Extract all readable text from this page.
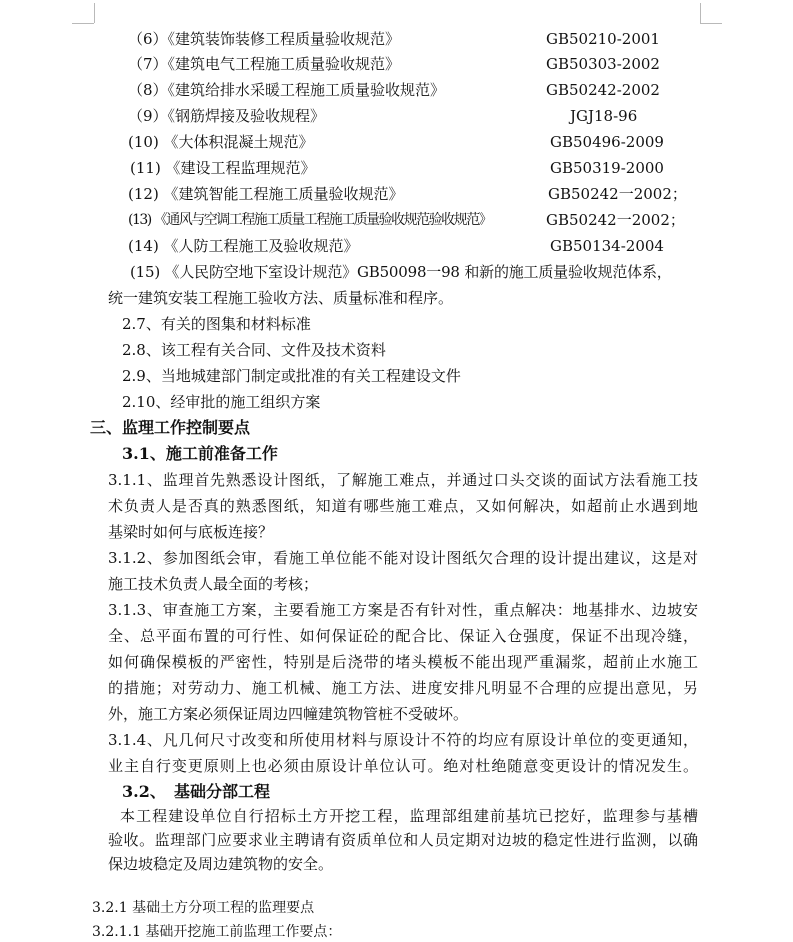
（6）《建筑装饰装修工程质量验收规范》	GB50210-2001
（7）《建筑电气工程施工质量验收规范》	GB50303-2002
（8）《建筑给排水采暖工程施工质量验收规范》	GB50242-2002
（9）《钢筋焊接及验收规程》	JGJ18-96
(10) 《大体积混凝土规范》	GB50496-2009
(11) 《建设工程监理规范》	GB50319-2000
(12) 《建筑智能工程施工质量验收规范》	GB50242一2002；
(13) 《通风与空调工程施工质量工程施工质量验收规范验收规范》	GB50242一2002；
(14) 《人防工程施工及验收规范》	GB50134-2004
(15) 《人民防空地下室设计规范》GB50098一98 和新的施工质量验收规范体系，
统一建筑安装工程施工验收方法、质量标准和程序。
2.7、有关的图集和材料标准
2.8、该工程有关合同、文件及技术资料
2.9、当地城建部门制定或批准的有关工程建设文件
2.10、经审批的施工组织方案
三、监理工作控制要点
3.1、施工前准备工作
3.1.1、监理首先熟悉设计图纸，了解施工难点，并通过口头交谈的面试方法看施工技
术负责人是否真的熟悉图纸，知道有哪些施工难点，又如何解决，如超前止水遇到地
基梁时如何与底板连接？
3.1.2、参加图纸会审，看施工单位能不能对设计图纸欠合理的设计提出建议，这是对
施工技术负责人最全面的考核；
3.1.3、审查施工方案，主要看施工方案是否有针对性，重点解决：地基排水、边坡安
全、总平面布置的可行性、如何保证砼的配合比、保证入仓强度，保证不出现冷缝，
如何确保模板的严密性，特别是后浇带的堵头模板不能出现严重漏浆，超前止水施工
的措施；对劳动力、施工机械、施工方法、进度安排凡明显不合理的应提出意见，另
外，施工方案必须保证周边四幢建筑物管桩不受破坏。
3.1.4、凡几何尺寸改变和所使用材料与原设计不符的均应有原设计单位的变更通知，
业主自行变更原则上也必须由原设计单位认可。绝对杜绝随意变更设计的情况发生。
3.2、 基础分部工程
本工程建设单位自行招标土方开挖工程，监理部组建前基坑已挖好，监理参与基槽
验收。监理部门应要求业主聘请有资质单位和人员定期对边坡的稳定性进行监测，以确
保边坡稳定及周边建筑物的安全。
3.2.1 基础土方分项工程的监理要点
3.2.1.1 基础开挖施工前监理工作要点：
